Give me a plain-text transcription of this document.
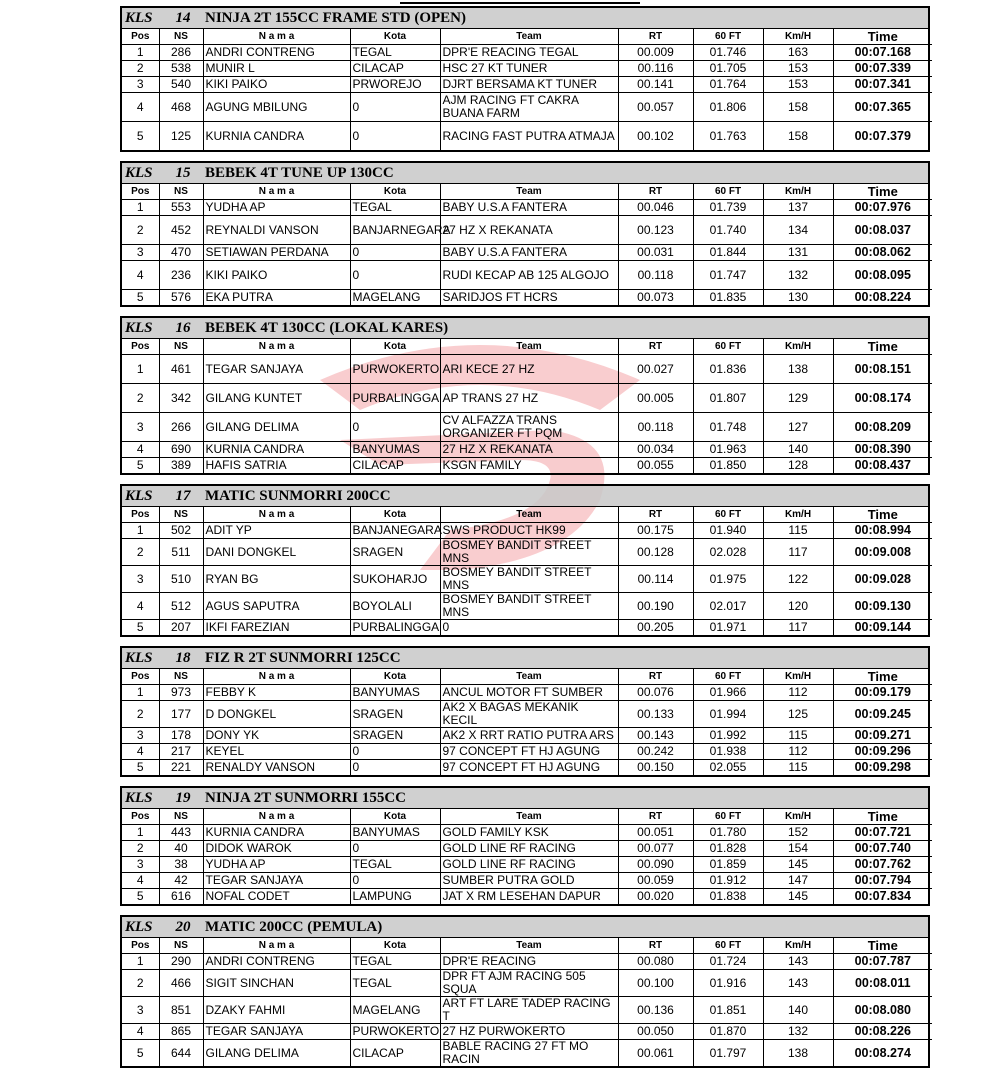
KLS	14 NINJA 2T 155CC FRAME STD (OPEN)
Pos	NS	N a m a	Kota	Team	RT	60 FT	Km/H	Time
1	286	ANDRI CONTRENG	TEGAL	DPR'E REACING TEGAL	00.009	01.746	163	00:07.168
2	538	MUNIR L	CILACAP	HSC 27 KT TUNER	00.116	01.705	153	00:07.339
3	540	KIKI PAIKO	PRWOREJO	DJRT BERSAMA KT TUNER	00.141	01.764	153	00:07.341
4	468	AGUNG MBILUNG	0	AJM RACING FT CAKRA BUANA FARM	00.057	01.806	158	00:07.365
5	125	KURNIA CANDRA	0	RACING FAST PUTRA ATMAJA	00.102	01.763	158	00:07.379
KLS	15 BEBEK 4T TUNE UP 130CC
Pos	NS	N a m a	Kota	Team	RT	60 FT	Km/H	Time
1	553	YUDHA AP	TEGAL	BABY U.S.A FANTERA	00.046	01.739	137	00:07.976
2	452	REYNALDI VANSON	BANJARNEGARA	27 HZ X REKANATA	00.123	01.740	134	00:08.037
3	470	SETIAWAN PERDANA	0	BABY U.S.A FANTERA	00.031	01.844	131	00:08.062
4	236	KIKI PAIKO	0	RUDI KECAP AB 125 ALGOJO	00.118	01.747	132	00:08.095
5	576	EKA PUTRA	MAGELANG	SARIDJOS FT HCRS	00.073	01.835	130	00:08.224
KLS	16 BEBEK 4T 130CC (LOKAL KARES)
Pos	NS	N a m a	Kota	Team	RT	60 FT	Km/H	Time
1	461	TEGAR SANJAYA	PURWOKERTO	ARI KECE 27 HZ	00.027	01.836	138	00:08.151
2	342	GILANG KUNTET	PURBALINGGA	AP TRANS 27 HZ	00.005	01.807	129	00:08.174
3	266	GILANG DELIMA	0	CV ALFAZZA TRANS ORGANIZER FT PQM	00.118	01.748	127	00:08.209
4	690	KURNIA CANDRA	BANYUMAS	27 HZ X REKANATA	00.034	01.963	140	00:08.390
5	389	HAFIS SATRIA	CILACAP	KSGN FAMILY	00.055	01.850	128	00:08.437
KLS	17 MATIC SUNMORRI 200CC
Pos	NS	N a m a	Kota	Team	RT	60 FT	Km/H	Time
1	502	ADIT YP	BANJANEGARA	SWS PRODUCT HK99	00.175	01.940	115	00:08.994
2	511	DANI DONGKEL	SRAGEN	BOSMEY BANDIT STREET MNS	00.128	02.028	117	00:09.008
3	510	RYAN BG	SUKOHARJO	BOSMEY BANDIT STREET MNS	00.114	01.975	122	00:09.028
4	512	AGUS SAPUTRA	BOYOLALI	BOSMEY BANDIT STREET MNS	00.190	02.017	120	00:09.130
5	207	IKFI FAREZIAN	PURBALINGGA	0	00.205	01.971	117	00:09.144
KLS	18 FIZ R 2T SUNMORRI 125CC
Pos	NS	N a m a	Kota	Team	RT	60 FT	Km/H	Time
1	973	FEBBY K	BANYUMAS	ANCUL MOTOR FT SUMBER	00.076	01.966	112	00:09.179
2	177	D DONGKEL	SRAGEN	AK2 X BAGAS MEKANIK KECIL	00.133	01.994	125	00:09.245
3	178	DONY YK	SRAGEN	AK2 X RRT RATIO PUTRA ARS	00.143	01.992	115	00:09.271
4	217	KEYEL	0	97 CONCEPT FT HJ AGUNG	00.242	01.938	112	00:09.296
5	221	RENALDY VANSON	0	97 CONCEPT FT HJ AGUNG	00.150	02.055	115	00:09.298
KLS	19 NINJA 2T SUNMORRI 155CC
Pos	NS	N a m a	Kota	Team	RT	60 FT	Km/H	Time
1	443	KURNIA CANDRA	BANYUMAS	GOLD FAMILY KSK	00.051	01.780	152	00:07.721
2	40	DIDOK WAROK	0	GOLD LINE RF RACING	00.077	01.828	154	00:07.740
3	38	YUDHA AP	TEGAL	GOLD LINE RF RACING	00.090	01.859	145	00:07.762
4	42	TEGAR SANJAYA	0	SUMBER PUTRA GOLD	00.059	01.912	147	00:07.794
5	616	NOFAL CODET	LAMPUNG	JAT X RM LESEHAN DAPUR	00.020	01.838	145	00:07.834
KLS	20 MATIC 200CC (PEMULA)
Pos	NS	N a m a	Kota	Team	RT	60 FT	Km/H	Time
1	290	ANDRI CONTRENG	TEGAL	DPR'E REACING	00.080	01.724	143	00:07.787
2	466	SIGIT SINCHAN	TEGAL	DPR FT AJM RACING 505 SQUA	00.100	01.916	143	00:08.011
3	851	DZAKY FAHMI	MAGELANG	ART FT LARE TADEP RACING T	00.136	01.851	140	00:08.080
4	865	TEGAR SANJAYA	PURWOKERTO	27 HZ PURWOKERTO	00.050	01.870	132	00:08.226
5	644	GILANG DELIMA	CILACAP	BABLE RACING 27 FT MO RACIN	00.061	01.797	138	00:08.274
